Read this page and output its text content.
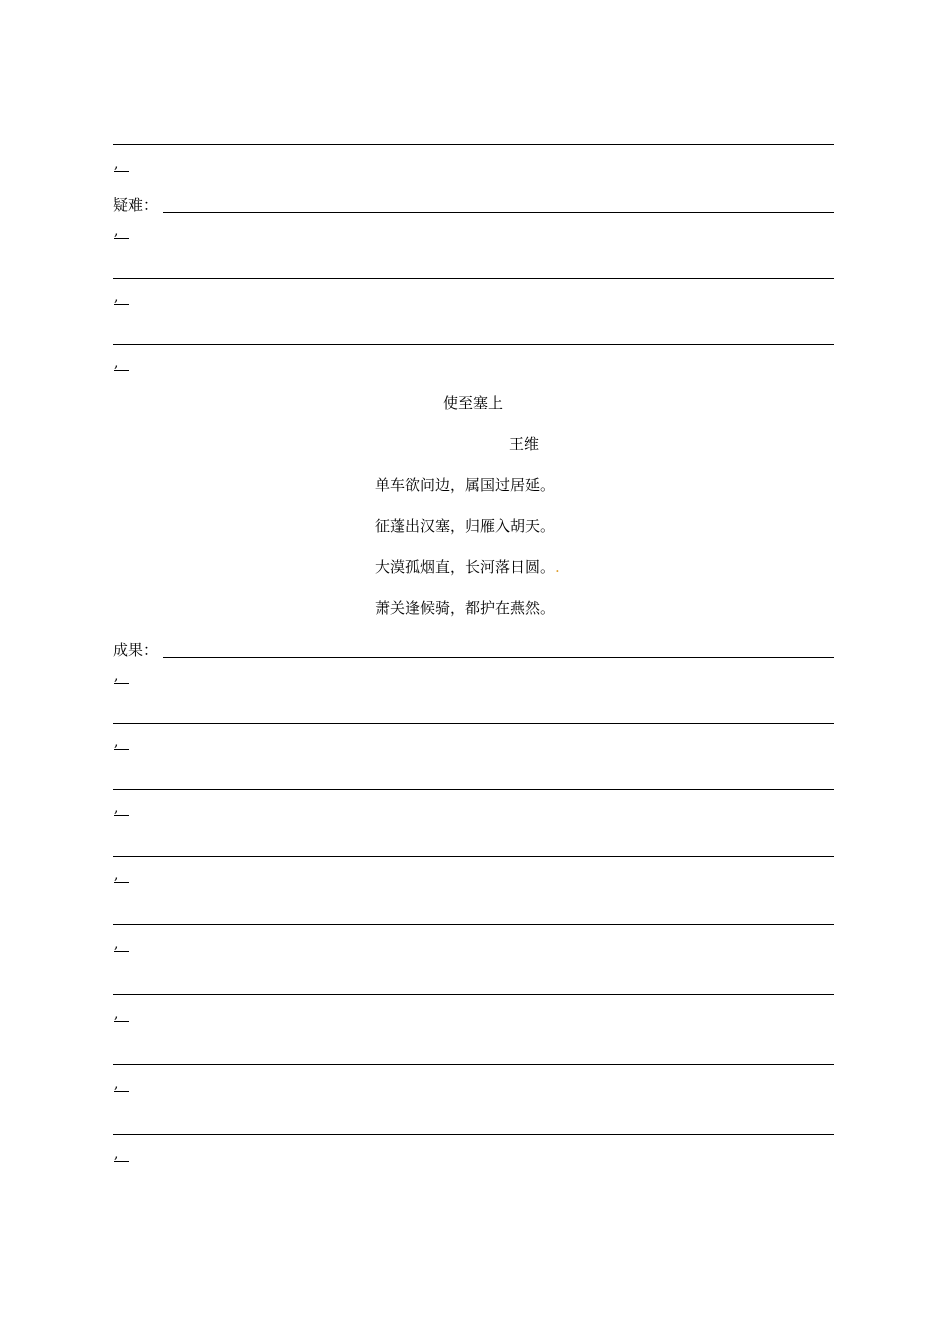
,
疑难：
,
,
,
使至塞上
王维
单车欲问边，属国过居延。
征蓬出汉塞，归雁入胡天。
大漠孤烟直，长河落日圆。.
萧关逢候骑，都护在燕然。
成果：
,
,
,
,
,
,
,
,
